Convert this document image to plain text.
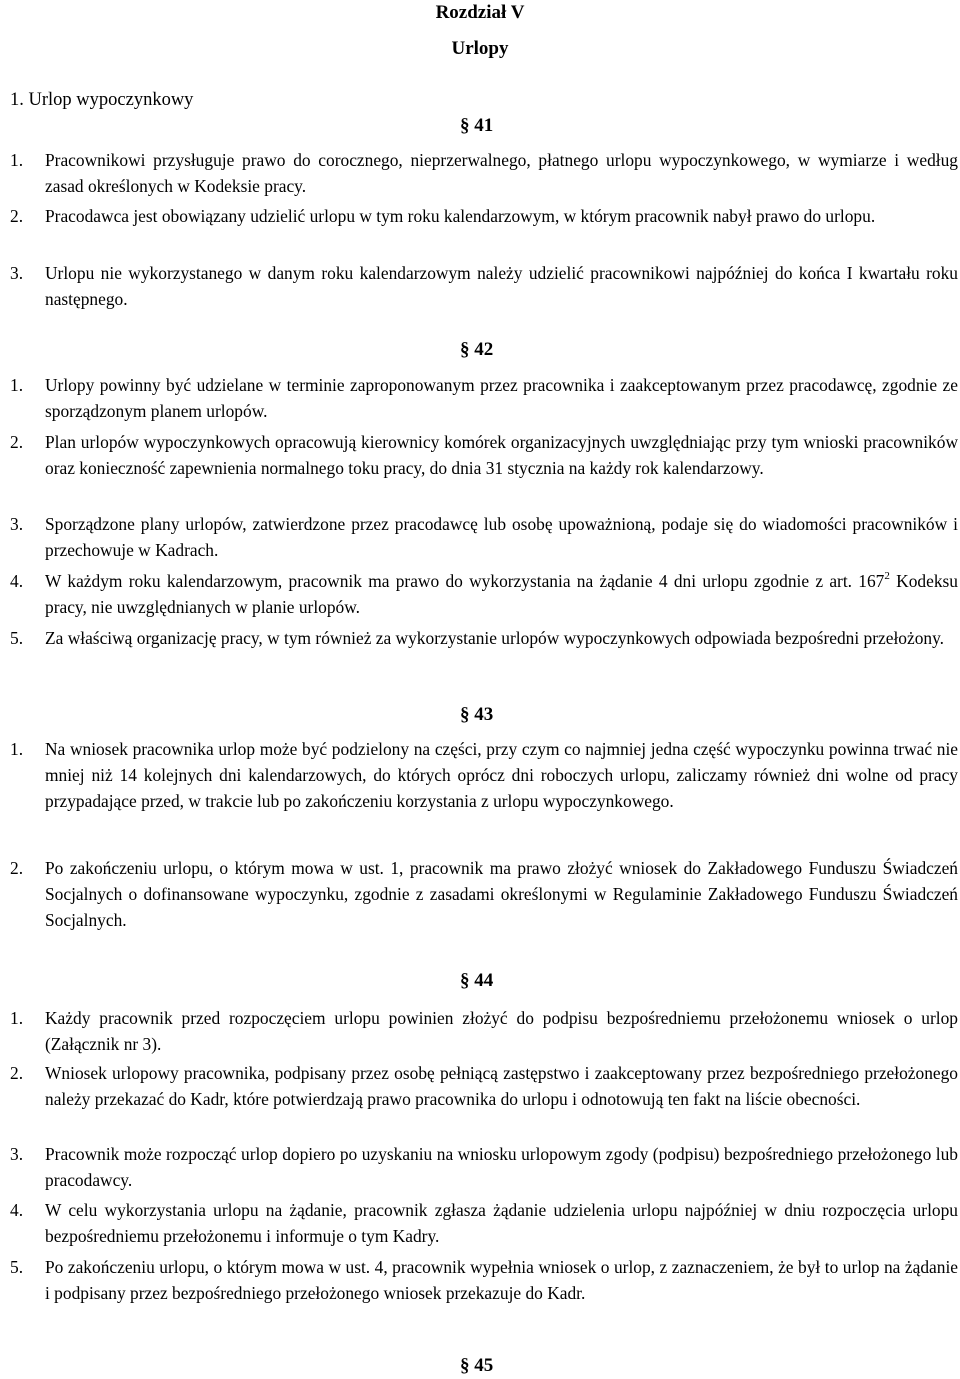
Rozdział V
Urlopy
1. Urlop wypoczynkowy
§ 41
1. Pracownikowi przysługuje prawo do corocznego, nieprzerwalnego, płatnego urlopu wypoczynkowego, w wymiarze i według zasad określonych w Kodeksie pracy.
2. Pracodawca jest obowiązany udzielić urlopu w tym roku kalendarzowym, w którym pracownik nabył prawo do urlopu.
3. Urlopu nie wykorzystanego w danym roku kalendarzowym należy udzielić pracownikowi najpóźniej do końca I kwartału roku następnego.
§ 42
1. Urlopy powinny być udzielane w terminie zaproponowanym przez pracownika i zaakceptowanym przez pracodawcę, zgodnie ze sporządzonym planem urlopów.
2. Plan urlopów wypoczynkowych opracowują kierownicy komórek organizacyjnych uwzględniając przy tym wnioski pracowników oraz konieczność zapewnienia normalnego toku pracy, do dnia 31 stycznia na każdy rok kalendarzowy.
3. Sporządzone plany urlopów, zatwierdzone przez pracodawcę lub osobę upoważnioną, podaje się do wiadomości pracowników i przechowuje w Kadrach.
4. W każdym roku kalendarzowym, pracownik ma prawo do wykorzystania na żądanie 4 dni urlopu zgodnie z art. $167^2$ Kodeksu pracy, nie uwzględnianych w planie urlopów.
5. Za właściwą organizację pracy, w tym również za wykorzystanie urlopów wypoczynkowych odpowiada bezpośredni przełożony.
§ 43
1. Na wniosek pracownika urlop może być podzielony na części, przy czym co najmniej jedna część wypoczynku powinna trwać nie mniej niż 14 kolejnych dni kalendarzowych, do których oprócz dni roboczych urlopu, zaliczamy również dni wolne od pracy przypadające przed, w trakcie lub po zakończeniu korzystania z urlopu wypoczynkowego.
2. Po zakończeniu urlopu, o którym mowa w ust. 1, pracownik ma prawo złożyć wniosek do Zakładowego Funduszu Świadczeń Socjalnych o dofinansowane wypoczynku, zgodnie z zasadami określonymi w Regulaminie Zakładowego Funduszu Świadczeń Socjalnych.
§ 44
1. Każdy pracownik przed rozpoczęciem urlopu powinien złożyć do podpisu bezpośredniemu przełożonemu wniosek o urlop (Załącznik nr 3).
2. Wniosek urlopowy pracownika, podpisany przez osobę pełniącą zastępstwo i zaakceptowany przez bezpośredniego przełożonego należy przekazać do Kadr, które potwierdzają prawo pracownika do urlopu i odnotowują ten fakt na liście obecności.
3. Pracownik może rozpocząć urlop dopiero po uzyskaniu na wniosku urlopowym zgody (podpisu) bezpośredniego przełożonego lub pracodawcy.
4. W celu wykorzystania urlopu na żądanie, pracownik zgłasza żądanie udzielenia urlopu najpóźniej w dniu rozpoczęcia urlopu bezpośredniemu przełożonemu i informuje o tym Kadry.
5. Po zakończeniu urlopu, o którym mowa w ust. 4, pracownik wypełnia wniosek o urlop, z zaznaczeniem, że był to urlop na żądanie i podpisany przez bezpośredniego przełożonego wniosek przekazuje do Kadr.
§ 45
